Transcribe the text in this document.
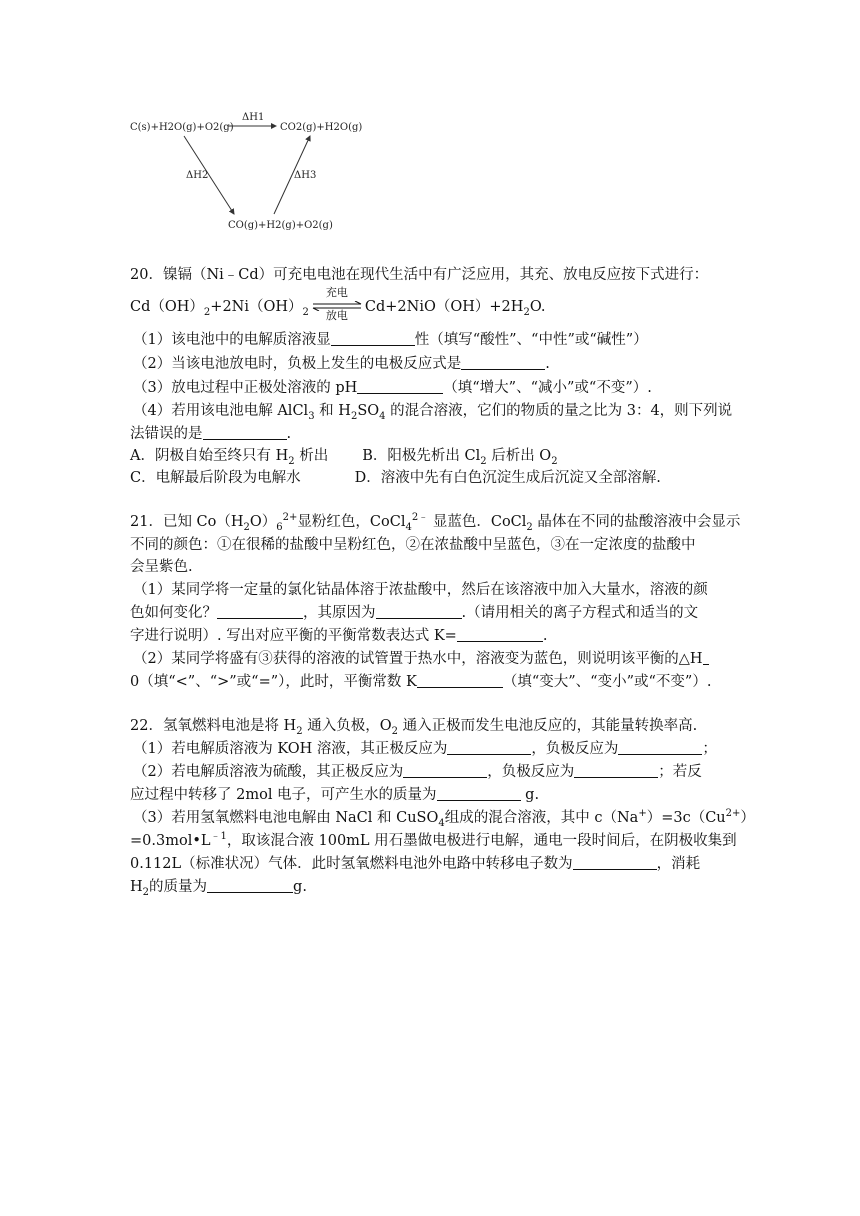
C(s)+H2O(g)+O2(g)	CO2(g)+H2O(g)
CO(g)+H2(g)+O2(g)
ΔH1
ΔH2	ΔH3
20．镍镉（Ni﹣Cd）可充电电池在现代生活中有广泛应用，其充、放电反应按下式进行：
$Cd(OH)_2+2Ni(OH)_2$
充电
放电
$Cd+2NiO(OH)+2H_2O$.
（1）该电池中的电解质溶液显	性（填写“酸性”、“中性”或“碱性”）
（2）当该电池放电时，负极上发生的电极反应式是	.
（3）放电过程中正极处溶液的 pH	（填“增大”、“减小”或“不变”）.
（4）若用该电池电解 AlCl$_3$ 和 $H_2SO_4$ 的混合溶液，它们的物质的量之比为 3：4，则下列说
法错误的是	.
A．阴极自始至终只有 $H_2$ 析出 B．阳极先析出 $Cl_2$ 后析出 $O_2$
C．电解最后阶段为电解水	D．溶液中先有白色沉淀生成后沉淀又全部溶解.
21．已知 $Co(H_2O)_6^{2+}$显粉红色，CoCl$_4^{2﹣}$ 显蓝色．CoCl$_2$ 晶体在不同的盐酸溶液中会显示
不同的颜色：①在很稀的盐酸中呈粉红色，②在浓盐酸中呈蓝色，③在一定浓度的盐酸中
会呈紫色.
（1）某同学将一定量的氯化钴晶体溶于浓盐酸中，然后在该溶液中加入大量水，溶液的颜
色如何变化？	，其原因为	.（请用相关的离子方程式和适当的文
字进行说明）. 写出对应平衡的平衡常数表达式 K=	.
（2）某同学将盛有③获得的溶液的试管置于热水中，溶液变为蓝色，则说明该平衡的△H
0（填“<”、“>”或“=”），此时，平衡常数 K	（填“变大”、“变小”或“不变”）.
22．氢氧燃料电池是将 $H_2$ 通入负极，$O_2$ 通入正极而发生电池反应的，其能量转换率高.
（1）若电解质溶液为 KOH 溶液，其正极反应为	，负极反应为	；
（2）若电解质溶液为硫酸，其正极反应为	，负极反应为	；若反
应过程中转移了 2mol 电子，可产生水的质量为	g.
（3）若用氢氧燃料电池电解由 NaCl 和 CuSO$_4$组成的混合溶液，其中 $c(Na^+)=3c(Cu^{2+})$
$=0.3mol•L^{﹣1}$，取该混合液 100mL 用石墨做电极进行电解，通电一段时间后，在阴极收集到
0.112L（标准状况）气体．此时氢氧燃料电池外电路中转移电子数为	，消耗
$H_2$的质量为	g.
